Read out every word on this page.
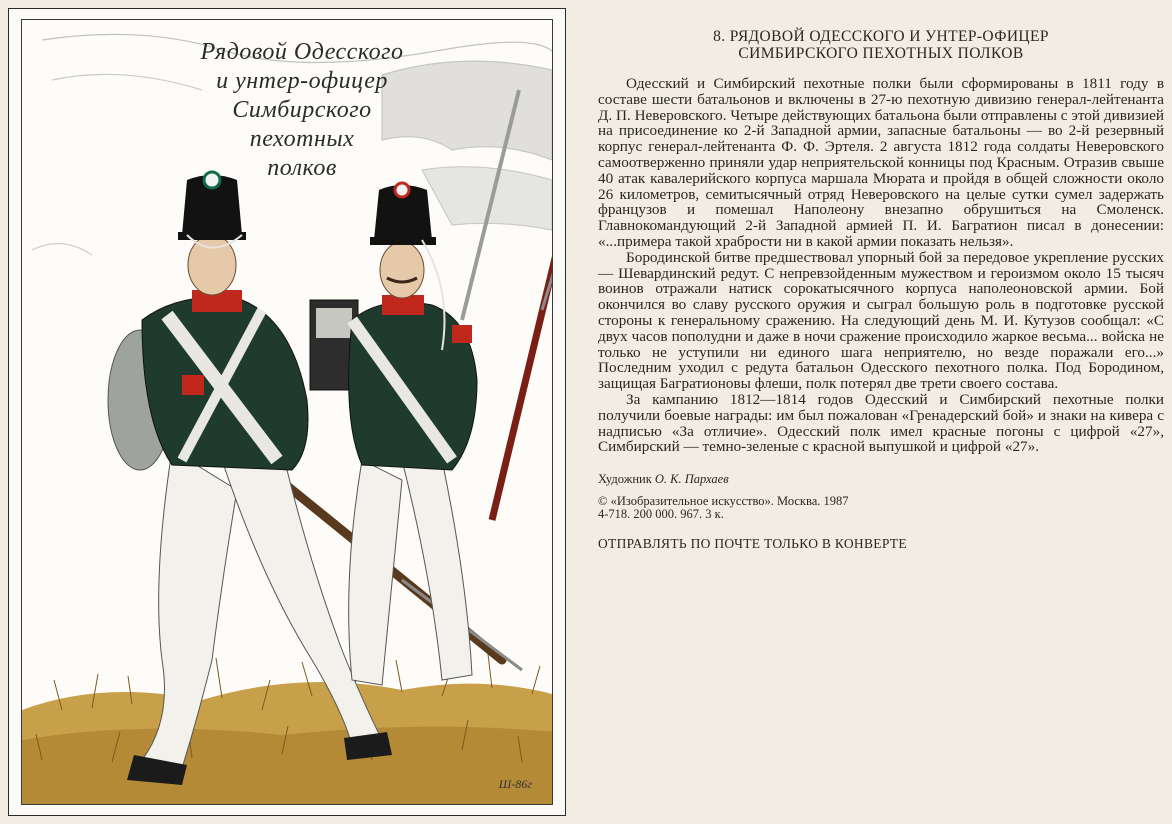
Рядовой Одесского
и унтер-офицер
Симбирского
пехотных
полков
Ш-86г
8. РЯДОВОЙ ОДЕССКОГО И УНТЕР-ОФИЦЕР
СИМБИРСКОГО ПЕХОТНЫХ ПОЛКОВ

Одесский и Симбирский пехотные полки были сформированы в 1811 году в составе шести батальонов и включены в 27-ю пехотную дивизию генерал-лейтенанта Д. П. Неверовского. Четыре действующих батальона были отправлены с этой дивизией на присоединение ко 2-й Западной армии, запасные батальоны — во 2-й резервный корпус генерал-лейтенанта Ф. Ф. Эртеля. 2 августа 1812 года солдаты Неверовского самоотверженно приняли удар неприятельской конницы под Красным. Отразив свыше 40 атак кавалерийского корпуса маршала Мюрата и пройдя в общей сложности около 26 километров, семитысячный отряд Неверовского на целые сутки сумел задержать французов и помешал Наполеону внезапно обрушиться на Смоленск. Главнокомандующий 2-й Западной армией П. И. Багратион писал в донесении: «...примера такой храбрости ни в какой армии показать нельзя».

Бородинской битве предшествовал упорный бой за передовое укрепление русских — Шевардинский редут. С непревзойденным мужеством и героизмом около 15 тысяч воинов отражали натиск сорокатысячного корпуса наполеоновской армии. Бой окончился во славу русского оружия и сыграл большую роль в подготовке русской стороны к генеральному сражению. На следующий день М. И. Кутузов сообщал: «С двух часов пополудни и даже в ночи сражение происходило жаркое весьма... войска не только не уступили ни единого шага неприятелю, но везде поражали его...» Последним уходил с редута батальон Одесского пехотного полка. Под Бородином, защищая Багратионовы флеши, полк потерял две трети своего состава.

За кампанию 1812—1814 годов Одесский и Симбирский пехотные полки получили боевые награды: им был пожалован «Гренадерский бой» и знаки на кивера с надписью «За отличие». Одесский полк имел красные погоны с цифрой «27», Симбирский — темно-зеленые с красной выпушкой и цифрой «27».

Художник О. К. Пархаев
© «Изобразительное искусство». Москва. 1987
4-718. 200 000. 967. 3 к.
ОТПРАВЛЯТЬ ПО ПОЧТЕ ТОЛЬКО В КОНВЕРТЕ
